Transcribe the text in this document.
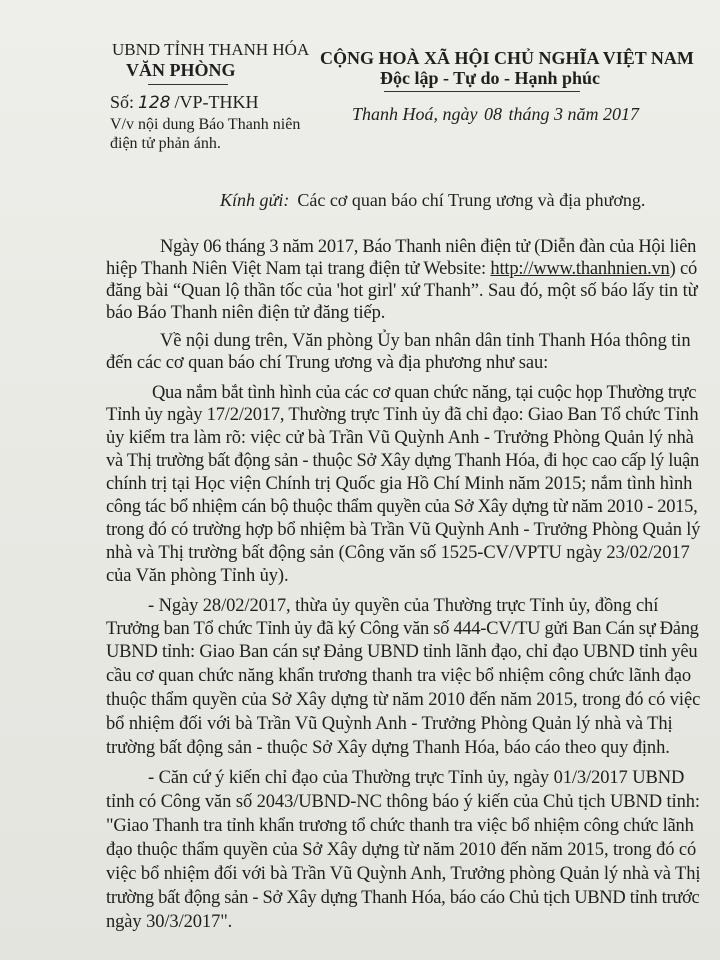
UBND TỈNH THANH HÓA
VĂN PHÒNG
CỘNG HOÀ XÃ HỘI CHỦ NGHĨA VIỆT NAM
Độc lập - Tự do - Hạnh phúc
Số: 128 /VP-THKH
V/v nội dung Báo Thanh niên
điện tử phản ánh.
Thanh Hoá, ngày 08 tháng 3 năm 2017
Kính gửi: Các cơ quan báo chí Trung ương và địa phương.
Ngày 06 tháng 3 năm 2017, Báo Thanh niên điện tử (Diễn đàn của Hội liên
hiệp Thanh Niên Việt Nam tại trang điện tử Website: http://www.thanhnien.vn) có
đăng bài “Quan lộ thần tốc của 'hot girl' xứ Thanh”. Sau đó, một số báo lấy tin từ
báo Báo Thanh niên điện tử đăng tiếp.
Về nội dung trên, Văn phòng Ủy ban nhân dân tỉnh Thanh Hóa thông tin
đến các cơ quan báo chí Trung ương và địa phương như sau:
Qua nắm bắt tình hình của các cơ quan chức năng, tại cuộc họp Thường trực
Tỉnh ủy ngày 17/2/2017, Thường trực Tỉnh ủy đã chỉ đạo: Giao Ban Tổ chức Tỉnh
ủy kiểm tra làm rõ: việc cử bà Trần Vũ Quỳnh Anh - Trưởng Phòng Quản lý nhà
và Thị trường bất động sản - thuộc Sở Xây dựng Thanh Hóa, đi học cao cấp lý luận
chính trị tại Học viện Chính trị Quốc gia Hồ Chí Minh năm 2015; nắm tình hình
công tác bổ nhiệm cán bộ thuộc thẩm quyền của Sở Xây dựng từ năm 2010 - 2015,
trong đó có trường hợp bổ nhiệm bà Trần Vũ Quỳnh Anh - Trưởng Phòng Quản lý
nhà và Thị trường bất động sản (Công văn số 1525-CV/VPTU ngày 23/02/2017
của Văn phòng Tỉnh ủy).
- Ngày 28/02/2017, thừa ủy quyền của Thường trực Tỉnh ủy, đồng chí
Trưởng ban Tổ chức Tỉnh ủy đã ký Công văn số 444-CV/TU gửi Ban Cán sự Đảng
UBND tỉnh: Giao Ban cán sự Đảng UBND tỉnh lãnh đạo, chỉ đạo UBND tỉnh yêu
cầu cơ quan chức năng khẩn trương thanh tra việc bổ nhiệm công chức lãnh đạo
thuộc thẩm quyền của Sở Xây dựng từ năm 2010 đến năm 2015, trong đó có việc
bổ nhiệm đối với bà Trần Vũ Quỳnh Anh - Trưởng Phòng Quản lý nhà và Thị
trường bất động sản - thuộc Sở Xây dựng Thanh Hóa, báo cáo theo quy định.
- Căn cứ ý kiến chỉ đạo của Thường trực Tỉnh ủy, ngày 01/3/2017 UBND
tỉnh có Công văn số 2043/UBND-NC thông báo ý kiến của Chủ tịch UBND tỉnh:
"Giao Thanh tra tỉnh khẩn trương tổ chức thanh tra việc bổ nhiệm công chức lãnh
đạo thuộc thẩm quyền của Sở Xây dựng từ năm 2010 đến năm 2015, trong đó có
việc bổ nhiệm đối với bà Trần Vũ Quỳnh Anh, Trưởng phòng Quản lý nhà và Thị
trường bất động sản - Sở Xây dựng Thanh Hóa, báo cáo Chủ tịch UBND tỉnh trước
ngày 30/3/2017".
